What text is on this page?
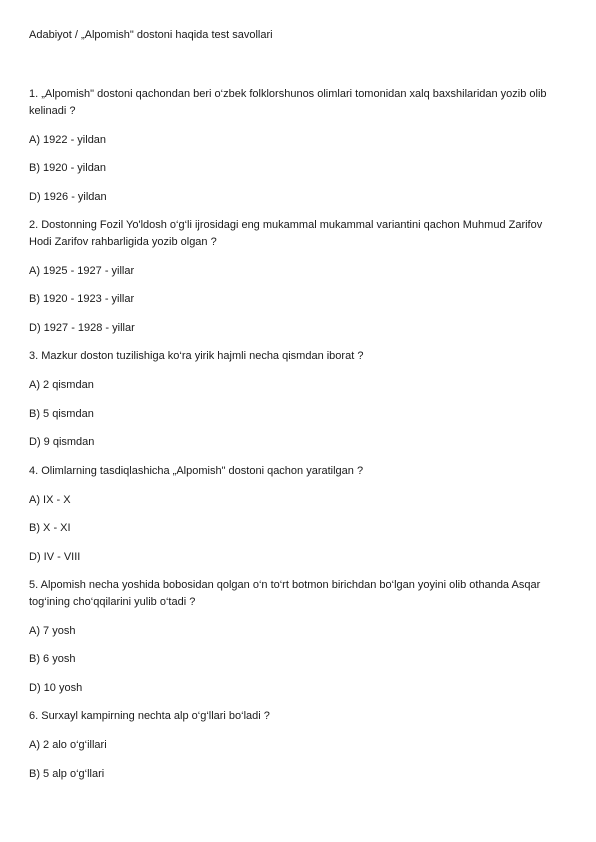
Adabiyot / „Alpomish" dostoni haqida test savollari

1. „Alpomish" dostoni qachondan beri o‘zbek folklorshunos olimlari tomonidan xalq baxshilaridan yozib olib kelinadi ?

A) 1922 - yildan
B) 1920 - yildan
D) 1926 - yildan

2. Dostonning Fozil Yo'ldosh o‘g‘li ijrosidagi eng mukammal mukammal variantini qachon Muhmud Zarifov Hodi Zarifov rahbarligida yozib olgan ?

A) 1925 - 1927 - yillar
B) 1920 - 1923 - yillar
D) 1927 - 1928 - yillar

3. Mazkur doston tuzilishiga ko‘ra yirik hajmli necha qismdan iborat ?

A) 2 qismdan
B) 5 qismdan
D) 9 qismdan

4. Olimlarning tasdiqlashicha „Alpomish" dostoni qachon yaratilgan ?

A) IX - X
B) X - XI
D) IV - VIII

5. Alpomish necha yoshida bobosidan qolgan o‘n to‘rt botmon birichdan bo‘lgan yoyini olib othanda Asqar tog‘ining cho‘qqilarini yulib o‘tadi ?

A) 7 yosh
B) 6 yosh
D) 10 yosh

6. Surxayl kampirning nechta alp o‘g‘llari bo‘ladi ?

A) 2 alo o‘g‘illari
B) 5 alp o‘g‘llari
